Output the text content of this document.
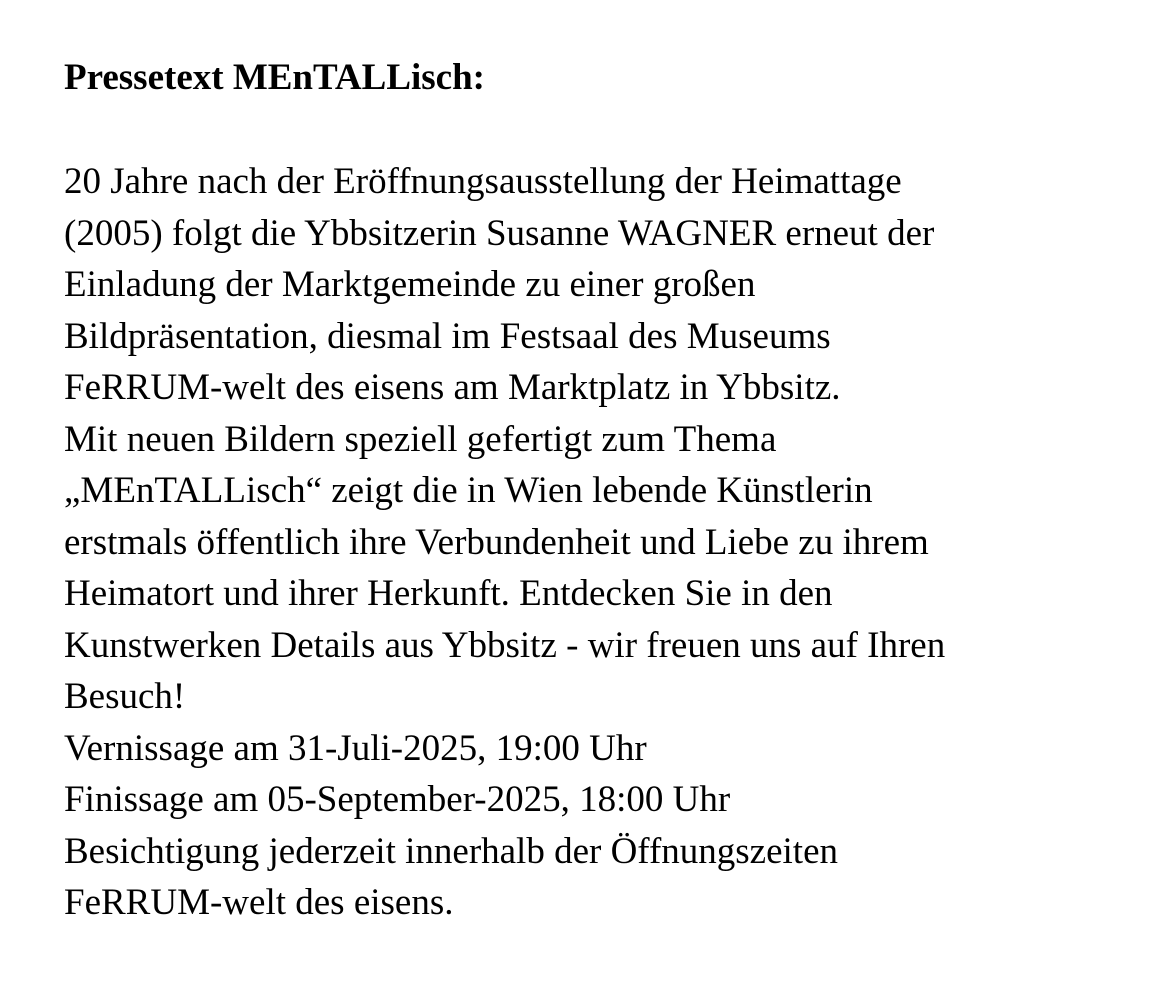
Pressetext MEnTALLisch:
20 Jahre nach der Eröffnungsausstellung der Heimattage
(2005) folgt die Ybbsitzerin Susanne WAGNER erneut der
Einladung der Marktgemeinde zu einer großen
Bildpräsentation, diesmal im Festsaal des Museums
FeRRUM-welt des eisens am Marktplatz in Ybbsitz.
Mit neuen Bildern speziell gefertigt zum Thema
„MEnTALLisch“ zeigt die in Wien lebende Künstlerin
erstmals öffentlich ihre Verbundenheit und Liebe zu ihrem
Heimatort und ihrer Herkunft. Entdecken Sie in den
Kunstwerken Details aus Ybbsitz - wir freuen uns auf Ihren
Besuch!
Vernissage am 31-Juli-2025, 19:00 Uhr
Finissage am 05-September-2025, 18:00 Uhr
Besichtigung jederzeit innerhalb der Öffnungszeiten
FeRRUM-welt des eisens.
